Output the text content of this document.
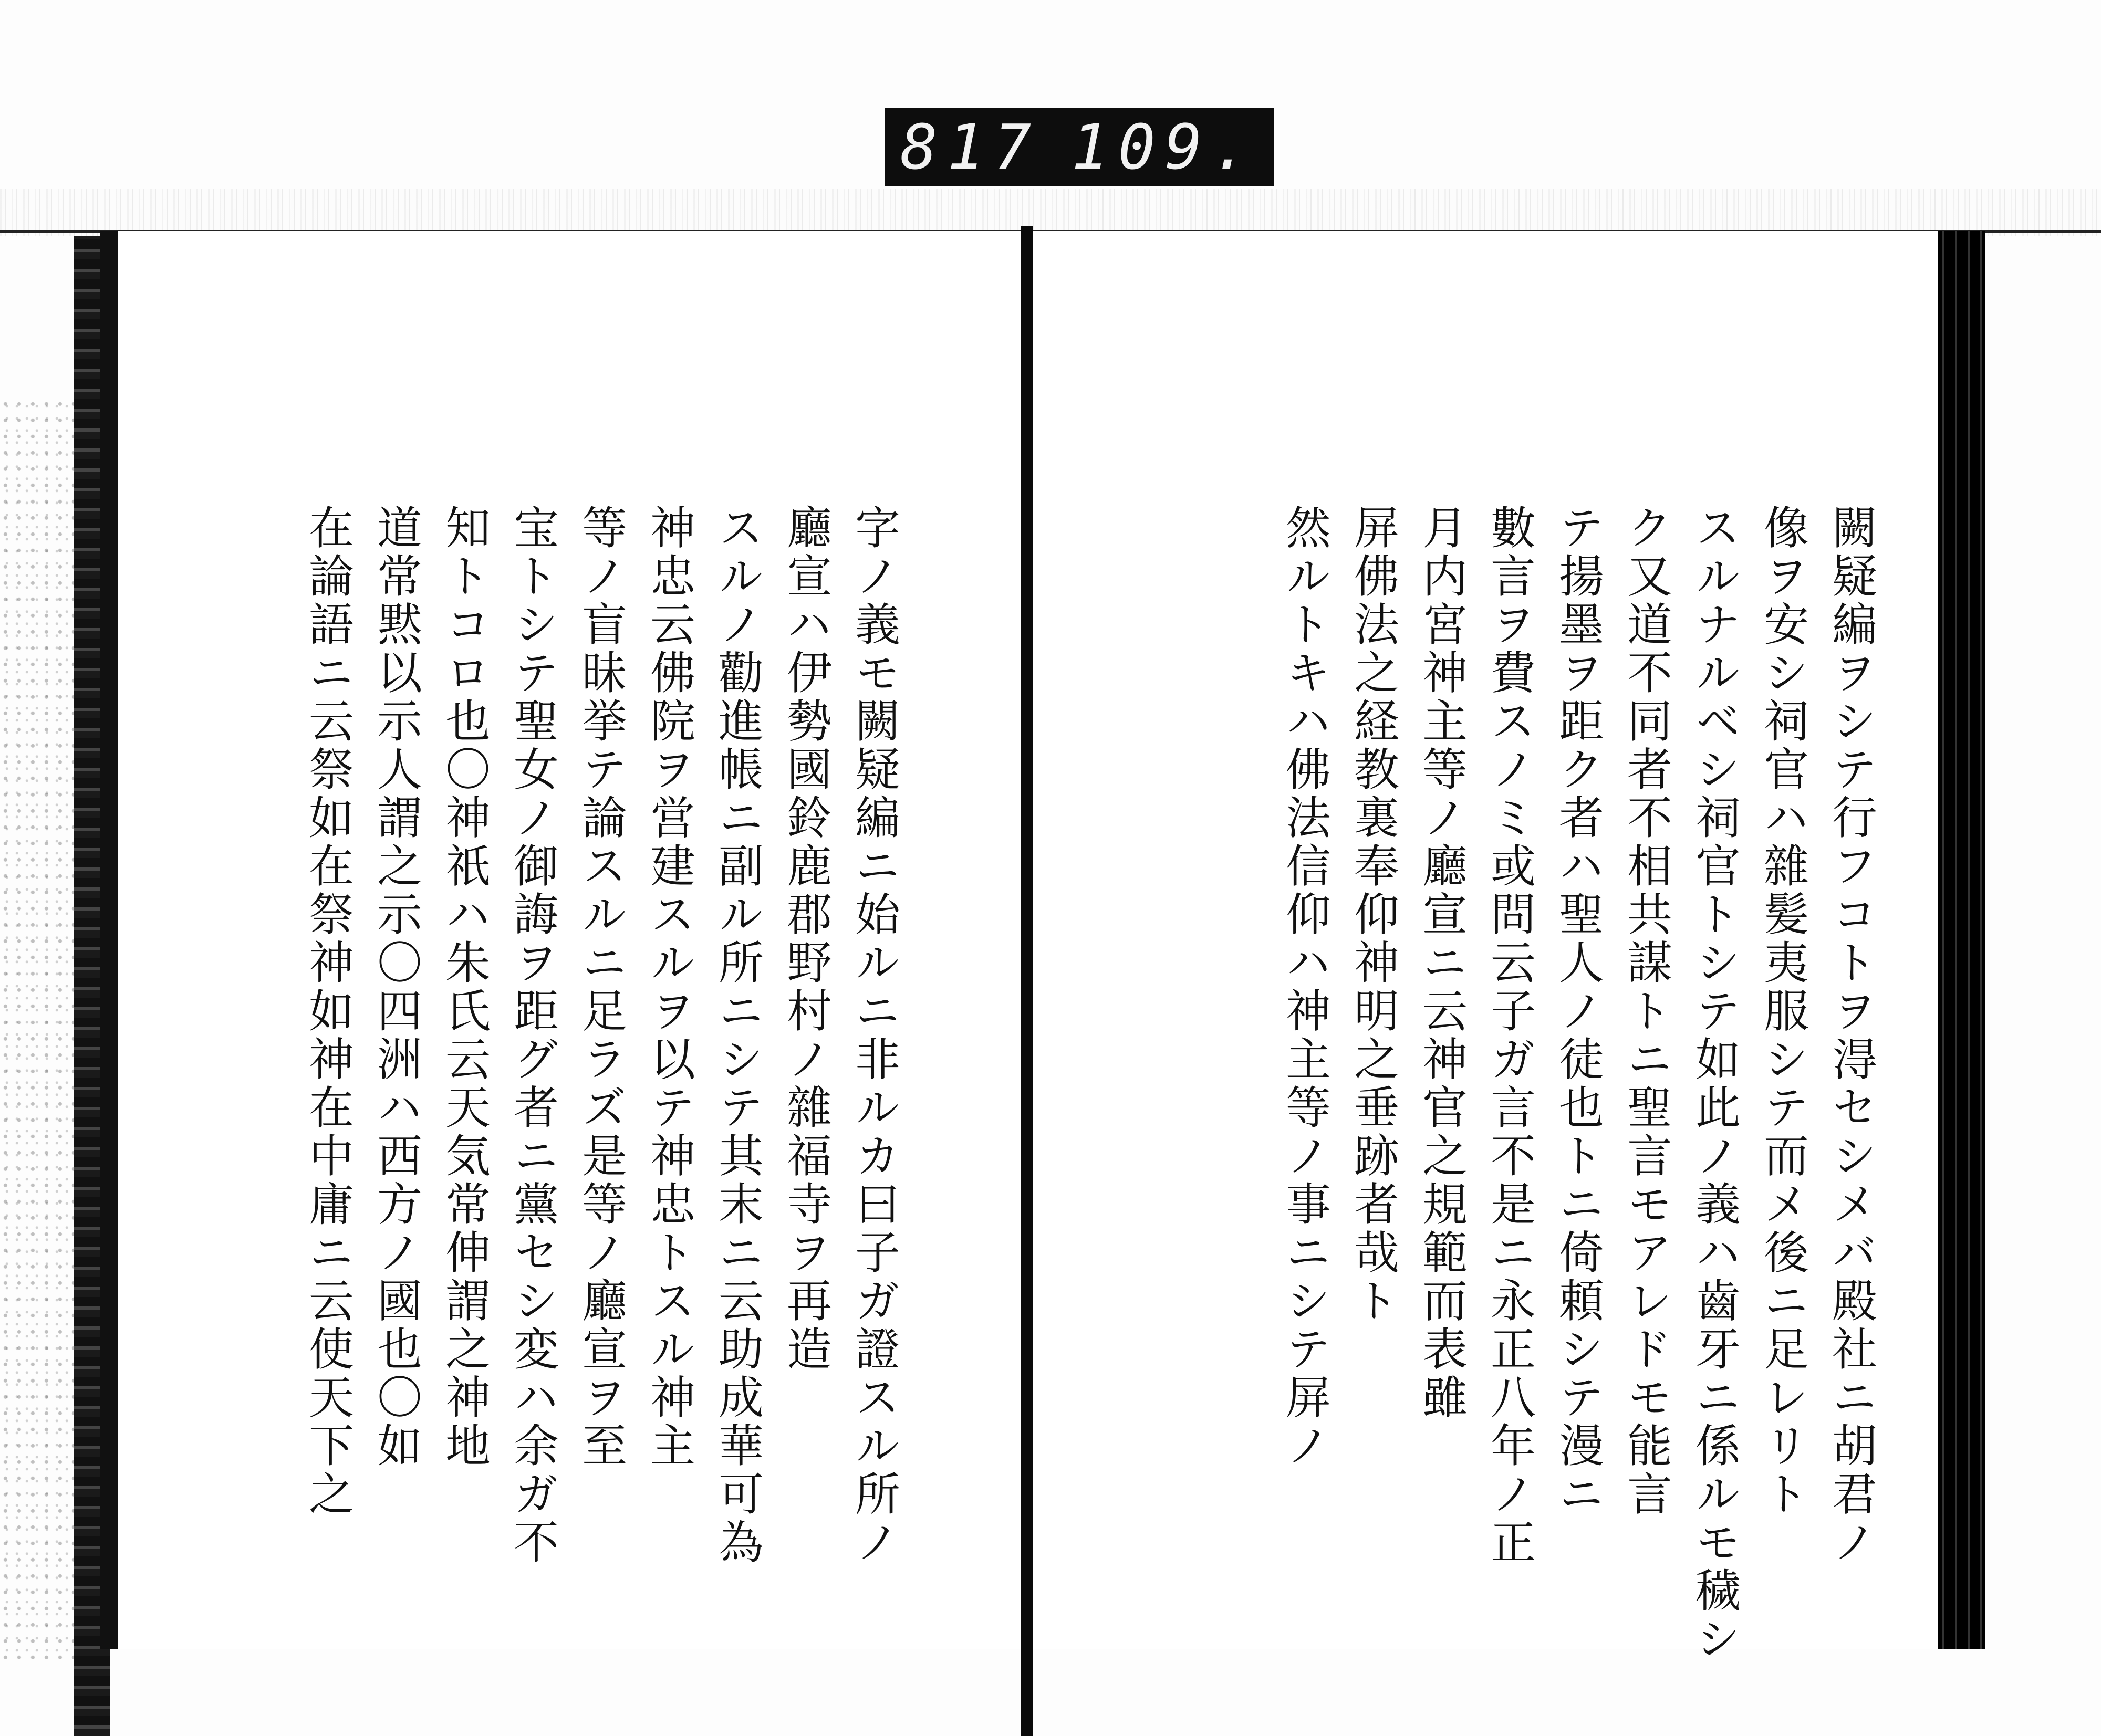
817 109.
闕疑編ヲシテ行フコトヲ淂セシメバ殿社ニ胡君ノ
像ヲ安シ祠官ハ雜髪夷服シテ而メ後ニ足レリト
スルナルベシ祠官トシテ如此ノ義ハ齒牙ニ係ルモ穢シ
ク又道不同者不相共謀トニ聖言モアレドモ能言
テ揚墨ヲ距ク者ハ聖人ノ徒也トニ倚頼シテ漫ニ
數言ヲ費スノミ或問云子ガ言不是ニ永正八年ノ正
月内宮神主等ノ廳宣ニ云神官之規範而表雖
屏佛法之経教裏奉仰神明之垂跡者哉ト
然ルトキハ佛法信仰ハ神主等ノ事ニシテ屏ノ
字ノ義モ闕疑編ニ始ルニ非ルカ曰子ガ證スル所ノ
廳宣ハ伊勢國鈴鹿郡野村ノ雜福寺ヲ再造
スルノ勸進帳ニ副ル所ニシテ其末ニ云助成華可為
神忠云佛院ヲ営建スルヲ以テ神忠トスル神主
等ノ盲昧挙テ論スルニ足ラズ是等ノ廳宣ヲ至
宝トシテ聖女ノ御誨ヲ距グ者ニ黨セシ変ハ余ガ不
知トコロ也〇神祇ハ朱氏云天気常伸謂之神地
道常黙以示人謂之示〇四洲ハ西方ノ國也〇如
在論語ニ云祭如在祭神如神在中庸ニ云使天下之
